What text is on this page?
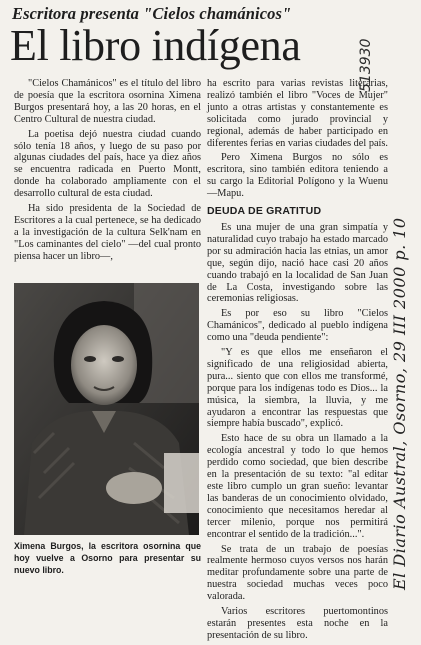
Escritora presenta "Cielos chamánicos"
El libro indígena	513930

"Cielos Chamánicos" es el título del libro de poesía que la escritora osornina Ximena Burgos presentará hoy, a las 20 horas, en el Centro Cultural de nuestra ciudad.

La poetisa dejó nuestra ciudad cuando sólo tenía 18 años, y luego de su paso por algunas ciudades del país, hace ya diez años se encuentra radicada en Puerto Montt, donde ha colaborado ampliamente con el desarrollo cultural de esta ciudad.

Ha sido presidenta de la Sociedad de Escritores a la cual pertenece, se ha dedicado a la investigación de la cultura Selk'nam en "Los caminantes del cielo" —del cual pronto piensa hacer un libro—,

Ximena Burgos, la escritora osornina que hoy vuelve a Osorno para presentar su nuevo libro.

ha escrito para varias revistas literarias, realizó también el libro "Voces de Mujer" junto a otras artistas y constantemente es solicitada como jurado provincial y regional, además de haber participado en diferentes ferias en varias ciudades del país.

Pero Ximena Burgos no sólo es escritora, sino también editora teniendo a su cargo la Editorial Polígono y la Wuenu—Mapu.

DEUDA DE GRATITUD

Es una mujer de una gran simpatía y naturalidad cuyo trabajo ha estado marcado por su admiración hacia las etnias, un amor que, según dijo, nació hace casi 20 años cuando trabajó en la localidad de San Juan de La Costa, investigando sobre las ceremonias religiosas.

Es por eso su libro "Cielos Chamánicos", dedicado al pueblo indígena como una "deuda pendiente":

"Y es que ellos me enseñaron el significado de una religiosidad abierta, pura... siento que con ellos me transformé, porque para los indígenas todo es Dios... la música, la siembra, la lluvia, y me ayudaron a encontrar las respuestas que siempre había buscado", explicó.

Esto hace de su obra un llamado a la ecología ancestral y todo lo que hemos perdido como sociedad, que bien describe en la presentación de su texto: "al editar este libro cumplo un gran sueño: levantar las banderas de un conocimiento olvidado, conocimiento que necesitamos heredar al tercer milenio, porque nos permitirá encontrar el sentido de la tradición...".

Se trata de un trabajo de poesías realmente hermoso cuyos versos nos harán meditar profundamente sobre una parte de nuestra sociedad muchas veces poco valorada.

Varios escritores puertomontinos estarán presentes esta noche en la presentación de su libro.

El Diario Austral, Osorno, 29 III 2000 p. 10
